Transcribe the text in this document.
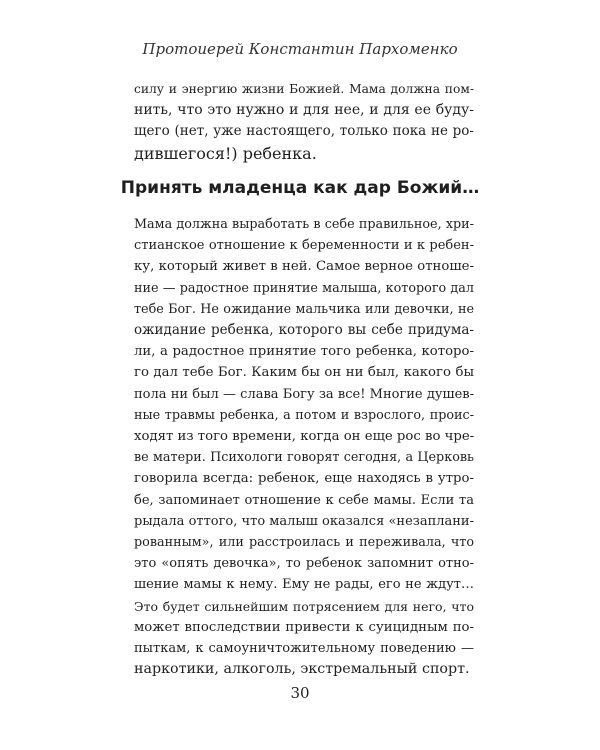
Протоиерей Константин Пархоменко
силу и энергию жизни Божией. Мама должна пом-
нить, что это нужно и для нее, и для ее буду-
щего (нет, уже настоящего, только пока не ро-
дившегося!) ребенка.
Принять младенца как дар Божий…
Мама должна выработать в себе правильное, хри-
стианское отношение к беременности и к ребен-
ку, который живет в ней. Самое верное отноше-
ние — радостное принятие малыша, которого дал
тебе Бог. Не ожидание мальчика или девочки, не
ожидание ребенка, которого вы себе придума-
ли, а радостное принятие того ребенка, которо-
го дал тебе Бог. Каким бы он ни был, какого бы
пола ни был — слава Богу за все! Многие душев-
ные травмы ребенка, а потом и взрослого, проис-
ходят из того времени, когда он еще рос во чре-
ве матери. Психологи говорят сегодня, а Церковь
говорила всегда: ребенок, еще находясь в утро-
бе, запоминает отношение к себе мамы. Если та
рыдала оттого, что малыш оказался «незаплани-
рованным», или расстроилась и переживала, что
это «опять девочка», то ребенок запомнит отно-
шение мамы к нему. Ему не рады, его не ждут…
Это будет сильнейшим потрясением для него, что
может впоследствии привести к суицидным по-
пыткам, к самоуничтожительному поведению —
наркотики, алкоголь, экстремальный спорт.
30
